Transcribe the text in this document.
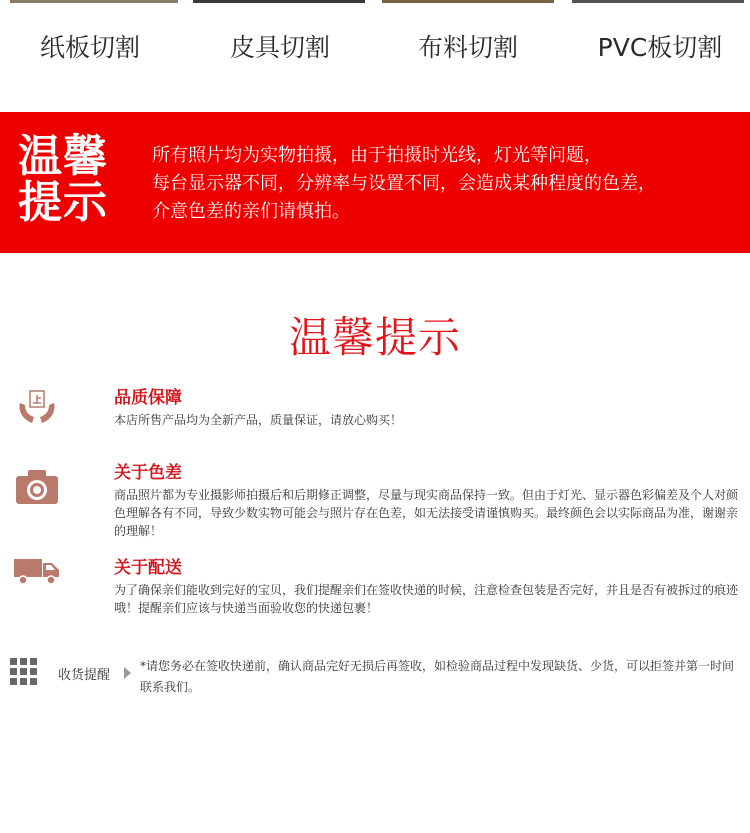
纸板切割	皮具切割	布料切割	PVC板切割
温馨提示
所有照片均为实物拍摄，由于拍摄时光线，灯光等问题，
每台显示器不同，分辨率与设置不同，会造成某种程度的色差，
介意色差的亲们请慎拍。
温馨提示
品质保障
本店所售产品均为全新产品，质量保证，请放心购买！
关于色差
商品照片都为专业摄影师拍摄后和后期修正调整，尽量与现实商品保持一致。但由于灯光、显示器色彩偏差及个人对颜色理解各有不同，导致少数实物可能会与照片存在色差，如无法接受请谨慎购买。最终颜色会以实际商品为准，谢谢亲的理解！
关于配送
为了确保亲们能收到完好的宝贝，我们提醒亲们在签收快递的时候，注意检查包装是否完好，并且是否有被拆过的痕迹哦！提醒亲们应该与快递当面验收您的快递包裹！
收货提醒
*请您务必在签收快递前，确认商品完好无损后再签收，如检验商品过程中发现缺货、少货，可以拒签并第一时间联系我们。
